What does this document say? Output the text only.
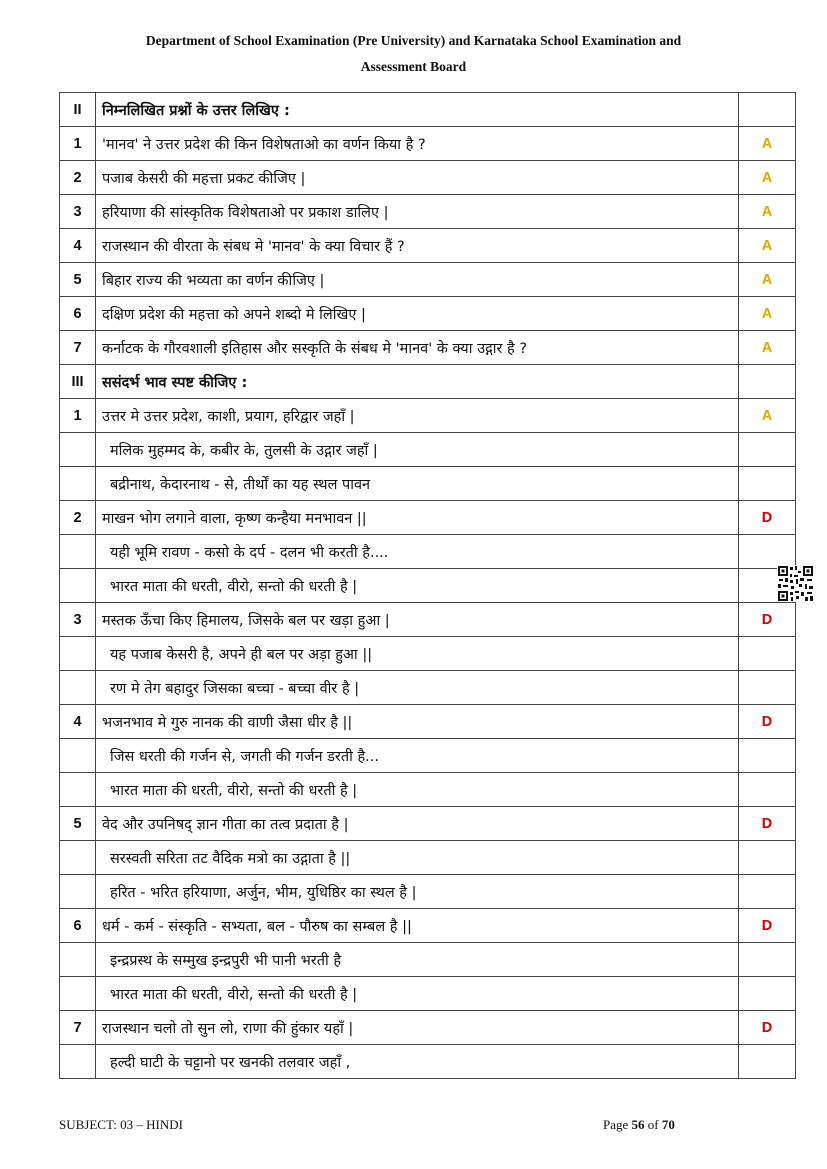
Department of School Examination (Pre University) and Karnataka School Examination and
Assessment Board
II	निम्नलिखित प्रश्नों के उत्तर लिखिए :	
1	'मानव' ने उत्तर प्रदेश की किन विशेषताओ का वर्णन किया है ?	A
2	पजाब केसरी की महत्ता प्रकट कीजिए |	A
3	हरियाणा की सांस्कृतिक विशेषताओ पर प्रकाश डालिए |	A
4	राजस्थान की वीरता के संबध मे 'मानव' के क्या विचार हैं ?	A
5	बिहार राज्य की भव्यता का वर्णन कीजिए |	A
6	दक्षिण प्रदेश की महत्ता को अपने शब्दो मे लिखिए |	A
7	कर्नाटक के गौरवशाली इतिहास और सस्कृति के संबध मे 'मानव' के क्या उद्गार है ?	A
III	ससंदर्भ भाव स्पष्ट कीजिए :	
1	उत्तर मे उत्तर प्रदेश, काशी, प्रयाग, हरिद्वार जहाँ |	A
	मलिक मुहम्मद के, कबीर के, तुलसी के उद्गार जहाँ |	
	बद्रीनाथ, केदारनाथ - से, तीर्थों का यह स्थल पावन	
2	माखन भोग लगाने वाला, कृष्ण कन्हैया मनभावन ||	D
	यही भूमि रावण - कसो के दर्प - दलन भी करती है....	
	भारत माता की धरती, वीरो, सन्तो की धरती है |	
3	मस्तक ऊँचा किए हिमालय, जिसके बल पर खड़ा हुआ |	D
	यह पजाब केसरी है, अपने ही बल पर अड़ा हुआ ||	
	रण मे तेग बहादुर जिसका बच्चा - बच्चा वीर है |	
4	भजनभाव मे गुरु नानक की वाणी जैसा धीर है ||	D
	जिस धरती की गर्जन से, जगती की गर्जन डरती है...	
	भारत माता की धरती, वीरो, सन्तो की धरती है |	
5	वेद और उपनिषद् ज्ञान गीता का तत्व प्रदाता है |	D
	सरस्वती सरिता तट वैदिक मत्रो का उद्गाता है ||	
	हरित - भरित हरियाणा, अर्जुन, भीम, युधिष्ठिर का स्थल है |	
6	धर्म - कर्म - संस्कृति - सभ्यता, बल - पौरुष का सम्बल है ||	D
	इन्द्रप्रस्थ के सम्मुख इन्द्रपुरी भी पानी भरती है	
	भारत माता की धरती, वीरो, सन्तो की धरती है |	
7	राजस्थान चलो तो सुन लो, राणा की हुंकार यहाँ |	D
	हल्दी घाटी के चट्टानो पर खनकी तलवार जहाँ ,	
SUBJECT: 03 – HINDI	Page 56 of 70
